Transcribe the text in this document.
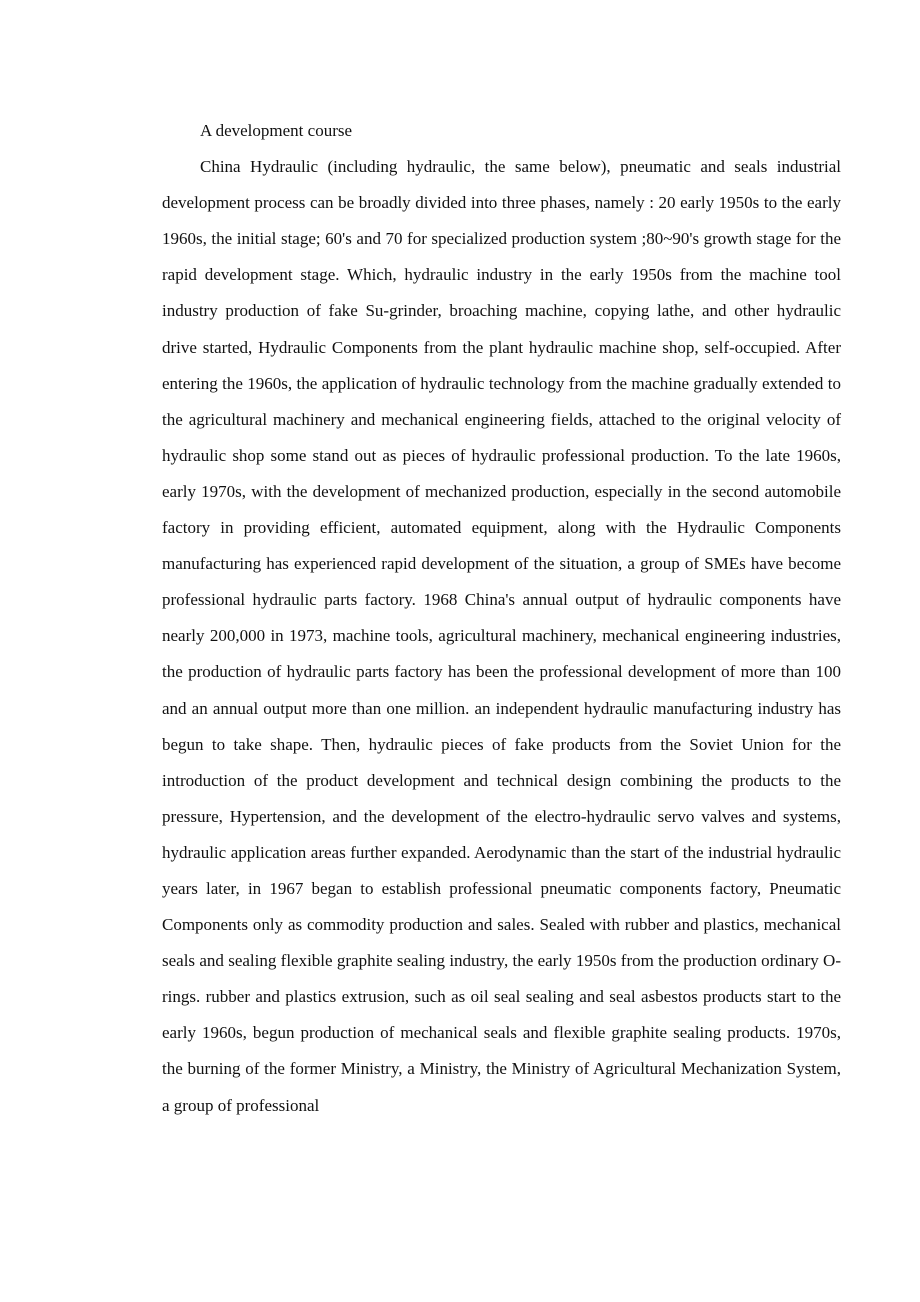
A development course

China Hydraulic (including hydraulic, the same below), pneumatic and seals industrial development process can be broadly divided into three phases, namely : 20 early 1950s to the early 1960s, the initial stage; 60's and 70 for specialized production system ;80~90's growth stage for the rapid development stage. Which, hydraulic industry in the early 1950s from the machine tool industry production of fake Su-grinder, broaching machine, copying lathe, and other hydraulic drive started, Hydraulic Components from the plant hydraulic machine shop, self-occupied. After entering the 1960s, the application of hydraulic technology from the machine gradually extended to the agricultural machinery and mechanical engineering fields, attached to the original velocity of hydraulic shop some stand out as pieces of hydraulic professional production. To the late 1960s, early 1970s, with the development of mechanized production, especially in the second automobile factory in providing efficient, automated equipment, along with the Hydraulic Components manufacturing has experienced rapid development of the situation, a group of SMEs have become professional hydraulic parts factory. 1968 China's annual output of hydraulic components have nearly 200,000 in 1973, machine tools, agricultural machinery, mechanical engineering industries, the production of hydraulic parts factory has been the professional development of more than 100 and an annual output more than one million. an independent hydraulic manufacturing industry has begun to take shape. Then, hydraulic pieces of fake products from the Soviet Union for the introduction of the product development and technical design combining the products to the pressure, Hypertension, and the development of the electro-hydraulic servo valves and systems, hydraulic application areas further expanded. Aerodynamic than the start of the industrial hydraulic years later, in 1967 began to establish professional pneumatic components factory, Pneumatic Components only as commodity production and sales. Sealed with rubber and plastics, mechanical seals and sealing flexible graphite sealing industry, the early 1950s from the production ordinary O-rings. rubber and plastics extrusion, such as oil seal sealing and seal asbestos products start to the early 1960s, begun production of mechanical seals and flexible graphite sealing products. 1970s, the burning of the former Ministry, a Ministry, the Ministry of Agricultural Mechanization System, a group of professional
